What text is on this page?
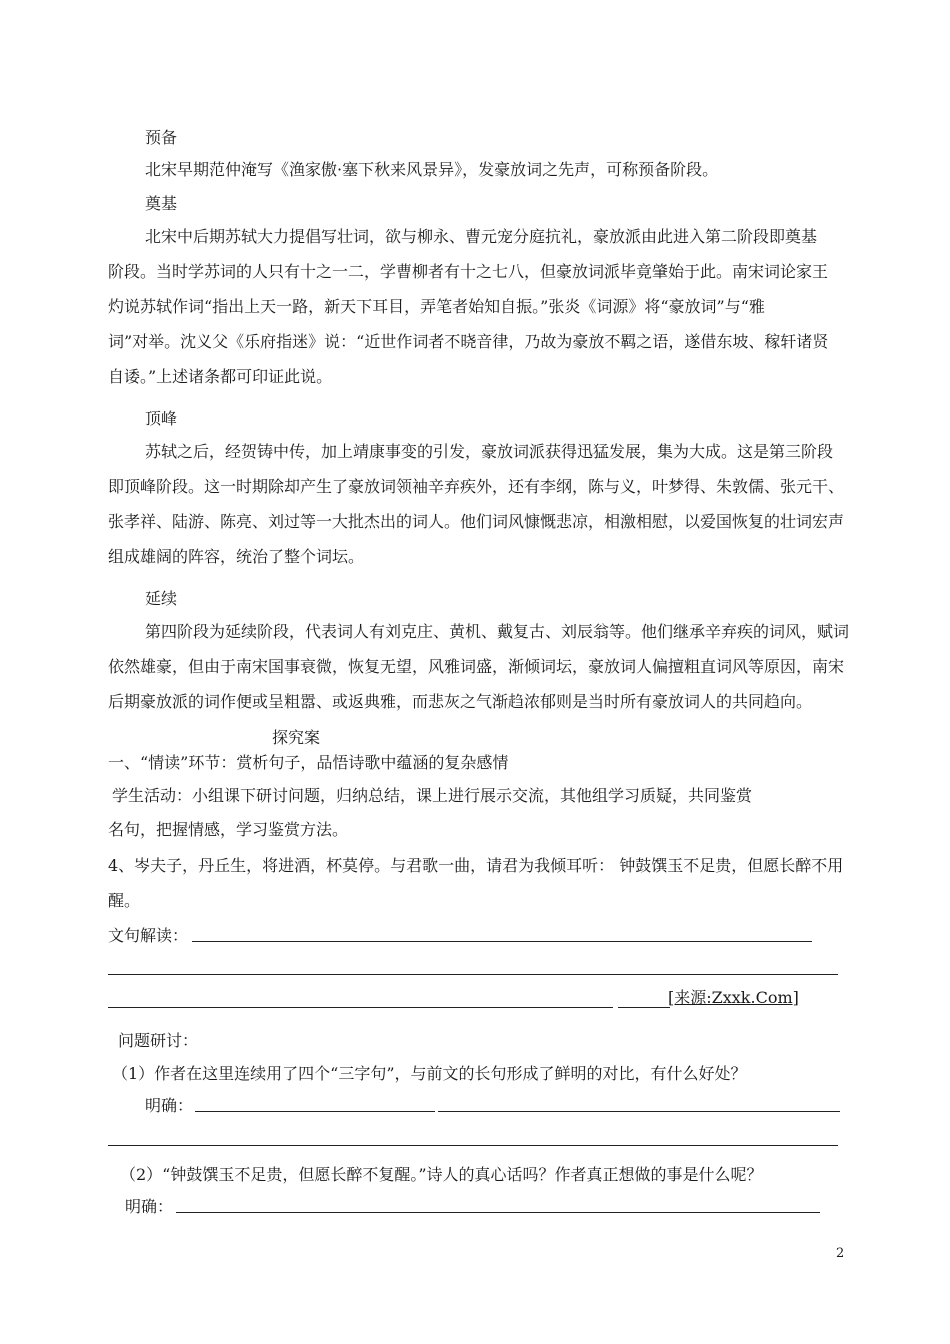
预备
北宋早期范仲淹写《渔家傲·塞下秋来风景异》，发豪放词之先声，可称预备阶段。
奠基
北宋中后期苏轼大力提倡写壮词，欲与柳永、曹元宠分庭抗礼，豪放派由此进入第二阶段即奠基
阶段。当时学苏词的人只有十之一二，学曹柳者有十之七八，但豪放词派毕竟肇始于此。南宋词论家王
灼说苏轼作词“指出上天一路，新天下耳目，弄笔者始知自振。”张炎《词源》将“豪放词”与“雅
词”对举。沈义父《乐府指迷》说：“近世作词者不晓音律，乃故为豪放不羁之语，遂借东坡、稼轩诸贤
自诿。”上述诸条都可印证此说。
顶峰
苏轼之后，经贺铸中传，加上靖康事变的引发，豪放词派获得迅猛发展，集为大成。这是第三阶段
即顶峰阶段。这一时期除却产生了豪放词领袖辛弃疾外，还有李纲，陈与义，叶梦得、朱敦儒、张元干、
张孝祥、陆游、陈亮、刘过等一大批杰出的词人。他们词风慷慨悲凉，相激相慰，以爱国恢复的壮词宏声
组成雄阔的阵容，统治了整个词坛。
延续
第四阶段为延续阶段，代表词人有刘克庄、黄机、戴复古、刘辰翁等。他们继承辛弃疾的词风，赋词
依然雄豪，但由于南宋国事衰微，恢复无望，风雅词盛，渐倾词坛，豪放词人偏擅粗直词风等原因，南宋
后期豪放派的词作便或呈粗嚣、或返典雅，而悲灰之气渐趋浓郁则是当时所有豪放词人的共同趋向。
探究案
一、“情读”环节：赏析句子，品悟诗歌中蕴涵的复杂感情
学生活动：小组课下研讨问题，归纳总结，课上进行展示交流，其他组学习质疑，共同鉴赏
名句，把握情感，学习鉴赏方法。
4、岑夫子，丹丘生，将进酒，杯莫停。与君歌一曲，请君为我倾耳听： 钟鼓馔玉不足贵，但愿长醉不用
醒。
文句解读：
[来源:Zxxk.Com]
问题研讨：
（1）作者在这里连续用了四个“三字句”，与前文的长句形成了鲜明的对比，有什么好处？
明确：
（2）“钟鼓馔玉不足贵，但愿长醉不复醒。”诗人的真心话吗？作者真正想做的事是什么呢？
明确：
2
